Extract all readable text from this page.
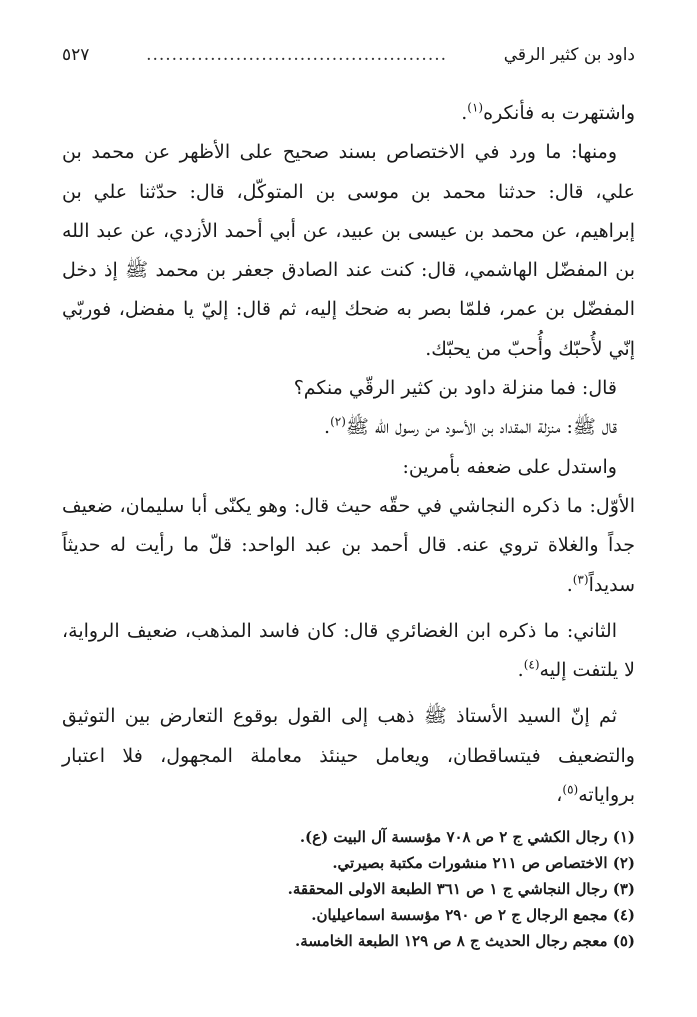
داود بن كثير الرقي
...............................................
٥٢٧

واشتهرت به فأنكره$^{(١)}$.

ومنها: ما ورد في الاختصاص بسند صحيح على الأظهر عن محمد بن علي، قال: حدثنا محمد بن موسى بن المتوكّل، قال: حدّثنا علي بن إبراهيم، عن محمد بن عيسى بن عبيد، عن أبي أحمد الأزدي، عن عبد الله بن المفضّل الهاشمي، قال: كنت عند الصادق جعفر بن محمد ﷺ إذ دخل المفضّل بن عمر، فلمّا بصر به ضحك إليه، ثم قال: إليّ يا مفضل، فوربّي إنّي لأُحبّك وأُحبّ من يحبّك.

قال: فما منزلة داود بن كثير الرقّي منكم؟

قال ﷺ: منزلة المقداد بن الأسود من رسول الله ﷺ$^{(٢)}$.

واستدل على ضعفه بأمرين:

الأوّل: ما ذكره النجاشي في حقّه حيث قال: وهو يكنّى أبا سليمان، ضعيف جداً والغلاة تروي عنه. قال أحمد بن عبد الواحد: قلّ ما رأيت له حديثاً سديداً$^{(٣)}$.

الثاني: ما ذكره ابن الغضائري قال: كان فاسد المذهب، ضعيف الرواية، لا يلتفت إليه$^{(٤)}$.

ثم إنّ السيد الأستاذ ﷺ ذهب إلى القول بوقوع التعارض بين التوثيق والتضعيف فيتساقطان، ويعامل حينئذ معاملة المجهول، فلا اعتبار برواياته$^{(٥)}$،

(١) رجال الكشي ج ٢ ص ٧٠٨ مؤسسة آل البيت (ع).

(٢) الاختصاص ص ٢١١ منشورات مكتبة بصيرتي.

(٣) رجال النجاشي ج ١ ص ٣٦١ الطبعة الاولى المحققة.

(٤) مجمع الرجال ج ٢ ص ٢٩٠ مؤسسة اسماعيليان.

(٥) معجم رجال الحديث ج ٨ ص ١٢٩ الطبعة الخامسة.
